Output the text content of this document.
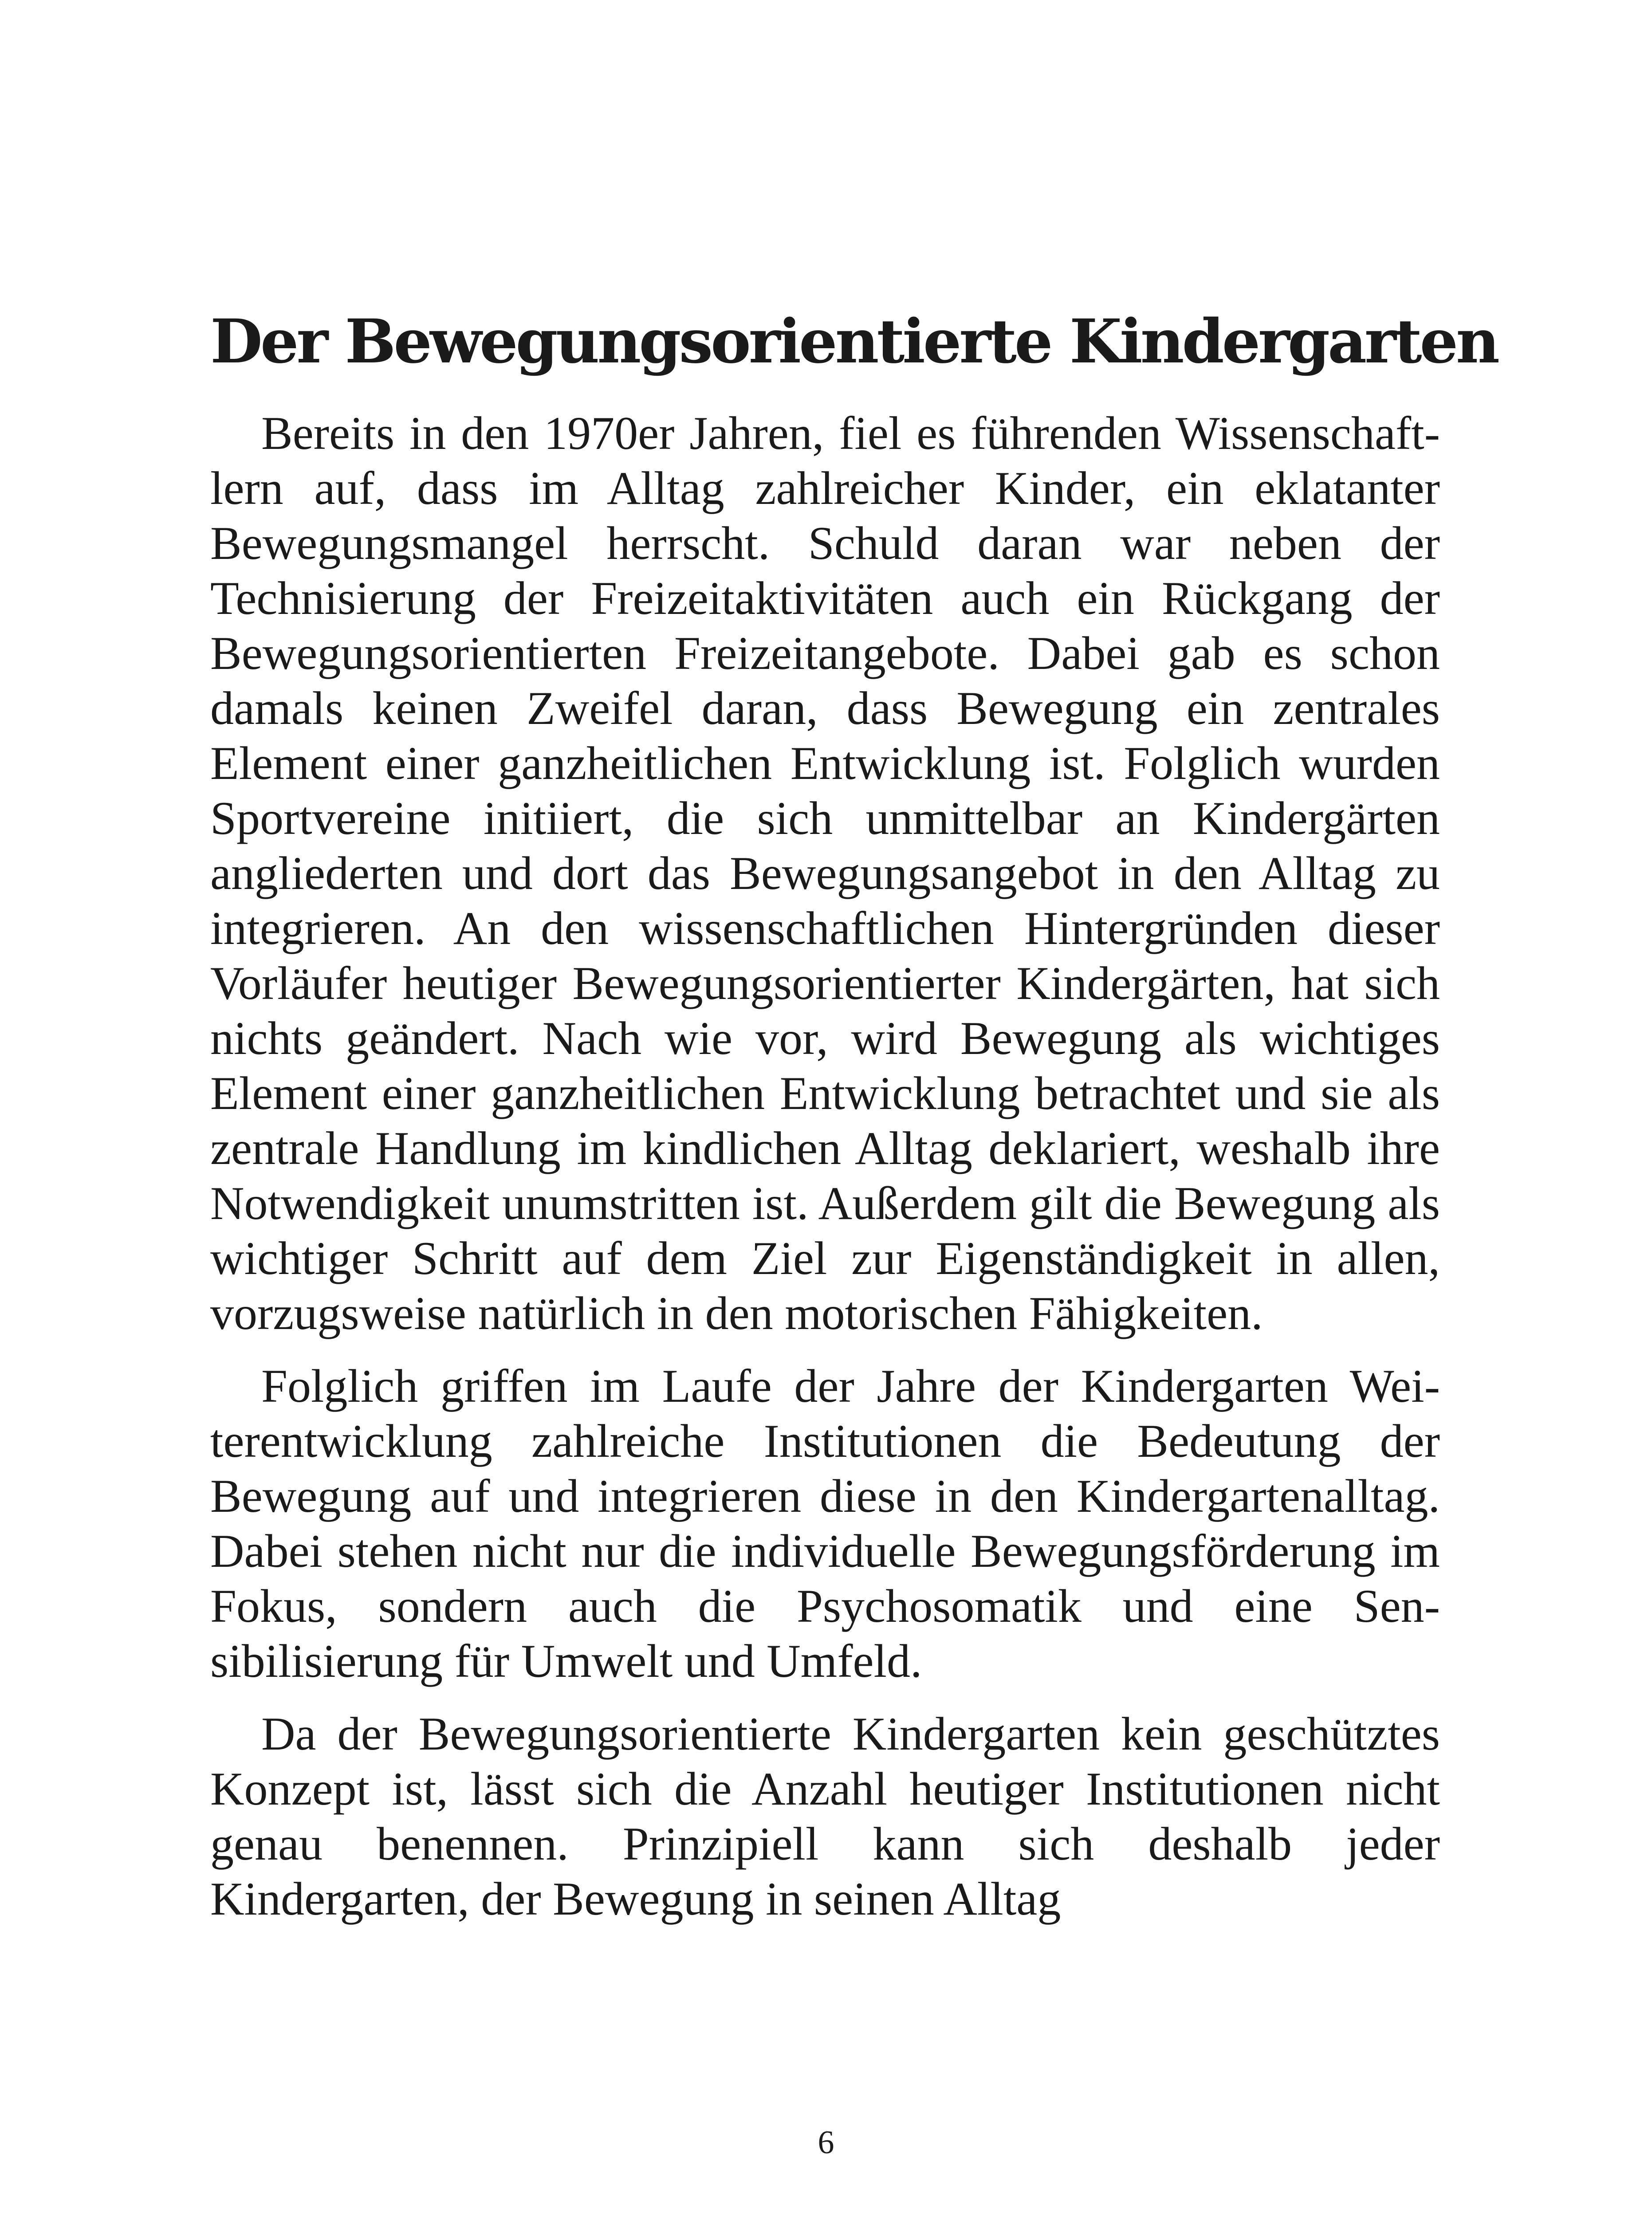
Der Bewegungsorientierte Kindergarten

Bereits in den 1970er Jahren, fiel es führenden Wissenschaftlern auf, dass im Alltag zahlreicher Kinder, ein eklatanter Bewegungsmangel herrscht. Schuld daran war neben der Technisierung der Freizeitaktivitäten auch ein Rückgang der Bewegungsorientierten Freizeitangebote. Dabei gab es schon damals keinen Zweifel daran, dass Bewegung ein zentrales Element einer ganzheitlichen Entwicklung ist. Folglich wurden Sportvereine initiiert, die sich unmittelbar an Kindergärten angliederten und dort das Bewegungsangebot in den Alltag zu integrieren. An den wissenschaftlichen Hintergründen dieser Vorläufer heutiger Bewegungsorientierter Kindergärten, hat sich nichts geändert. Nach wie vor, wird Bewegung als wichtiges Element einer ganzheitlichen Entwicklung betrachtet und sie als zentrale Handlung im kindlichen Alltag deklariert, weshalb ihre Notwendigkeit unumstritten ist. Außerdem gilt die Bewegung als wichtiger Schritt auf dem Ziel zur Eigenständigkeit in allen, vorzugsweise natürlich in den motorischen Fähigkeiten.

Folglich griffen im Laufe der Jahre der Kindergarten Weiterentwicklung zahlreiche Institutionen die Bedeutung der Bewegung auf und integrieren diese in den Kindergartenalltag. Dabei stehen nicht nur die individuelle Bewegungsförderung im Fokus, sondern auch die Psychosomatik und eine Sensibilisierung für Umwelt und Umfeld.

Da der Bewegungsorientierte Kindergarten kein geschütztes Konzept ist, lässt sich die Anzahl heutiger Institutionen nicht genau benennen. Prinzipiell kann sich deshalb jeder Kindergarten, der Bewegung in seinen Alltag

6
